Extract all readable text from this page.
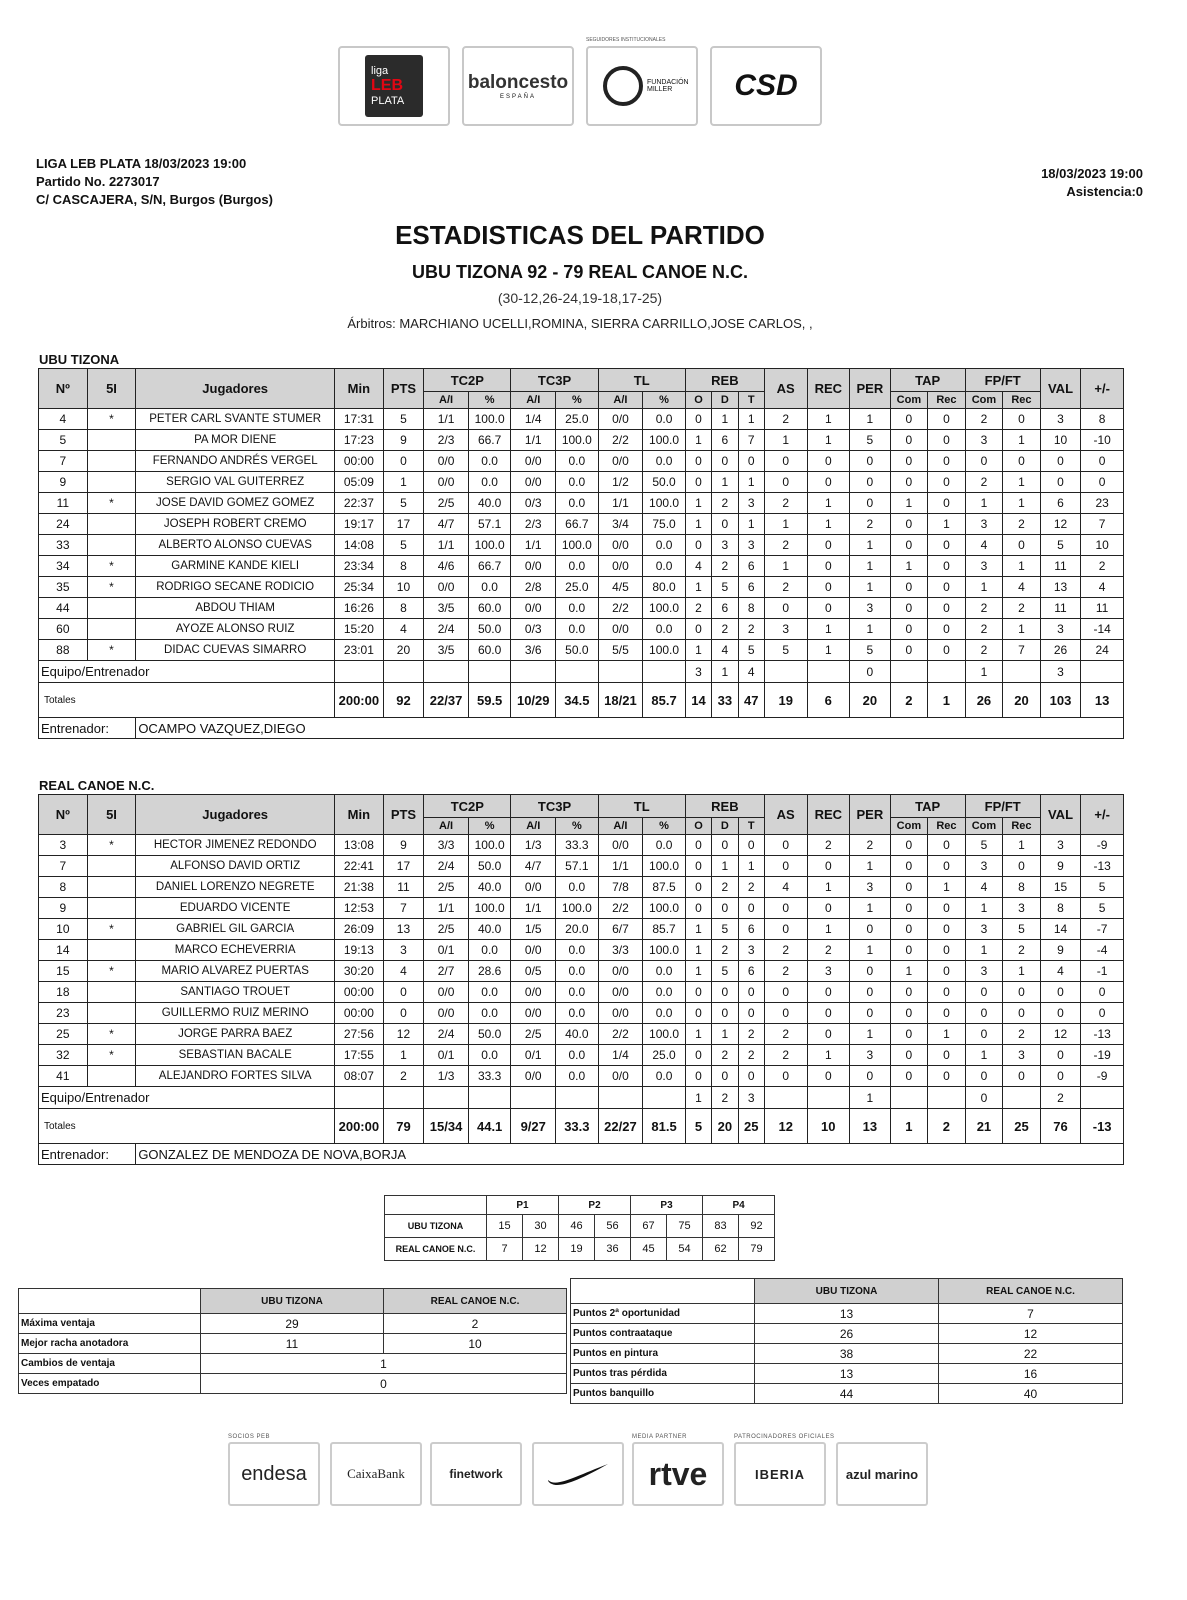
liga
LEB
PLATA
baloncesto
ESPAÑA
SEGUIDORES INSTITUCIONALES
FUNDACIÓN MILLER CSD
LIGA LEB PLATA 18/03/2023 19:00
Partido No. 2273017
C/ CASCAJERA, S/N, Burgos (Burgos)
18/03/2023 19:00
Asistencia:0
ESTADISTICAS DEL PARTIDO
UBU TIZONA 92 - 79 REAL CANOE N.C.
(30-12,26-24,19-18,17-25)
Árbitros: MARCHIANO UCELLI,ROMINA, SIERRA CARRILLO,JOSE CARLOS, ,
UBU TIZONA
Nº	5I	Jugadores	Min	PTS	TC2P		TC3P		TL		REB			AS	REC	PER	TAP		FP/FT		VAL	+/-
					A/I	%	A/I	%	A/I	%	O	D	T				Com	Rec	Com	Rec		
4	*	PETER CARL SVANTE STUMER	17:31	5	1/1	100.0	1/4	25.0	0/0	0.0	0	1	1	2	1	1	0	0	2	0	3	8
5		PA MOR DIENE	17:23	9	2/3	66.7	1/1	100.0	2/2	100.0	1	6	7	1	1	5	0	0	3	1	10	-10
7		FERNANDO ANDRÉS VERGEL	00:00	0	0/0	0.0	0/0	0.0	0/0	0.0	0	0	0	0	0	0	0	0	0	0	0	0
9		SERGIO VAL GUITERREZ	05:09	1	0/0	0.0	0/0	0.0	1/2	50.0	0	1	1	0	0	0	0	0	2	1	0	0
11	*	JOSE DAVID GOMEZ GOMEZ	22:37	5	2/5	40.0	0/3	0.0	1/1	100.0	1	2	3	2	1	0	1	0	1	1	6	23
24		JOSEPH ROBERT CREMO	19:17	17	4/7	57.1	2/3	66.7	3/4	75.0	1	0	1	1	1	2	0	1	3	2	12	7
33		ALBERTO ALONSO CUEVAS	14:08	5	1/1	100.0	1/1	100.0	0/0	0.0	0	3	3	2	0	1	0	0	4	0	5	10
34	*	GARMINE KANDE KIELI	23:34	8	4/6	66.7	0/0	0.0	0/0	0.0	4	2	6	1	0	1	1	0	3	1	11	2
35	*	RODRIGO SECANE RODICIO	25:34	10	0/0	0.0	2/8	25.0	4/5	80.0	1	5	6	2	0	1	0	0	1	4	13	4
44		ABDOU THIAM	16:26	8	3/5	60.0	0/0	0.0	2/2	100.0	2	6	8	0	0	3	0	0	2	2	11	11
60		AYOZE ALONSO RUIZ	15:20	4	2/4	50.0	0/3	0.0	0/0	0.0	0	2	2	3	1	1	0	0	2	1	3	-14
88	*	DIDAC CUEVAS SIMARRO	23:01	20	3/5	60.0	3/6	50.0	5/5	100.0	1	4	5	5	1	5	0	0	2	7	26	24
Equipo/Entrenador											3	1	4			0			1		3	
Totales			200:00	92	22/37	59.5	10/29	34.5	18/21	85.7	14	33	47	19	6	20	2	1	26	20	103	13
Entrenador:		OCAMPO VAZQUEZ,DIEGO																				
REAL CANOE N.C.
Nº	5I	Jugadores	Min	PTS	TC2P		TC3P		TL		REB			AS	REC	PER	TAP		FP/FT		VAL	+/-
					A/I	%	A/I	%	A/I	%	O	D	T				Com	Rec	Com	Rec		
3	*	HECTOR JIMENEZ REDONDO	13:08	9	3/3	100.0	1/3	33.3	0/0	0.0	0	0	0	0	2	2	0	0	5	1	3	-9
7		ALFONSO DAVID ORTIZ	22:41	17	2/4	50.0	4/7	57.1	1/1	100.0	0	1	1	0	0	1	0	0	3	0	9	-13
8		DANIEL LORENZO NEGRETE	21:38	11	2/5	40.0	0/0	0.0	7/8	87.5	0	2	2	4	1	3	0	1	4	8	15	5
9		EDUARDO VICENTE	12:53	7	1/1	100.0	1/1	100.0	2/2	100.0	0	0	0	0	0	1	0	0	1	3	8	5
10	*	GABRIEL GIL GARCIA	26:09	13	2/5	40.0	1/5	20.0	6/7	85.7	1	5	6	0	1	0	0	0	3	5	14	-7
14		MARCO ECHEVERRIA	19:13	3	0/1	0.0	0/0	0.0	3/3	100.0	1	2	3	2	2	1	0	0	1	2	9	-4
15	*	MARIO ALVAREZ PUERTAS	30:20	4	2/7	28.6	0/5	0.0	0/0	0.0	1	5	6	2	3	0	1	0	3	1	4	-1
18		SANTIAGO TROUET	00:00	0	0/0	0.0	0/0	0.0	0/0	0.0	0	0	0	0	0	0	0	0	0	0	0	0
23		GUILLERMO RUIZ MERINO	00:00	0	0/0	0.0	0/0	0.0	0/0	0.0	0	0	0	0	0	0	0	0	0	0	0	0
25	*	JORGE PARRA BAEZ	27:56	12	2/4	50.0	2/5	40.0	2/2	100.0	1	1	2	2	0	1	0	1	0	2	12	-13
32	*	SEBASTIAN BACALE	17:55	1	0/1	0.0	0/1	0.0	1/4	25.0	0	2	2	2	1	3	0	0	1	3	0	-19
41		ALEJANDRO FORTES SILVA	08:07	2	1/3	33.3	0/0	0.0	0/0	0.0	0	0	0	0	0	0	0	0	0	0	0	-9
Equipo/Entrenador											1	2	3			1			0		2	
Totales			200:00	79	15/34	44.1	9/27	33.3	22/27	81.5	5	20	25	12	10	13	1	2	21	25	76	-13
Entrenador:		GONZALEZ DE MENDOZA DE NOVA,BORJA																				
	P1		P2		P3		P4	
UBU TIZONA	15	30	46	56	67	75	83	92
REAL CANOE N.C.	7	12	19	36	45	54	62	79
	UBU TIZONA	REAL CANOE N.C.
Máxima ventaja	29	2
Mejor racha anotadora	11	10
Cambios de ventaja	1	
Veces empatado	0	
	UBU TIZONA	REAL CANOE N.C.
Puntos 2ª oportunidad	13	7
Puntos contraataque	26	12
Puntos en pintura	38	22
Puntos tras pérdida	13	16
Puntos banquillo	44	40
SOCIOS PEB	MEDIA PARTNER	PATROCINADORES OFICIALES
endesa	CaixaBank	finetwork	rtve	IBERIA	azul marino
